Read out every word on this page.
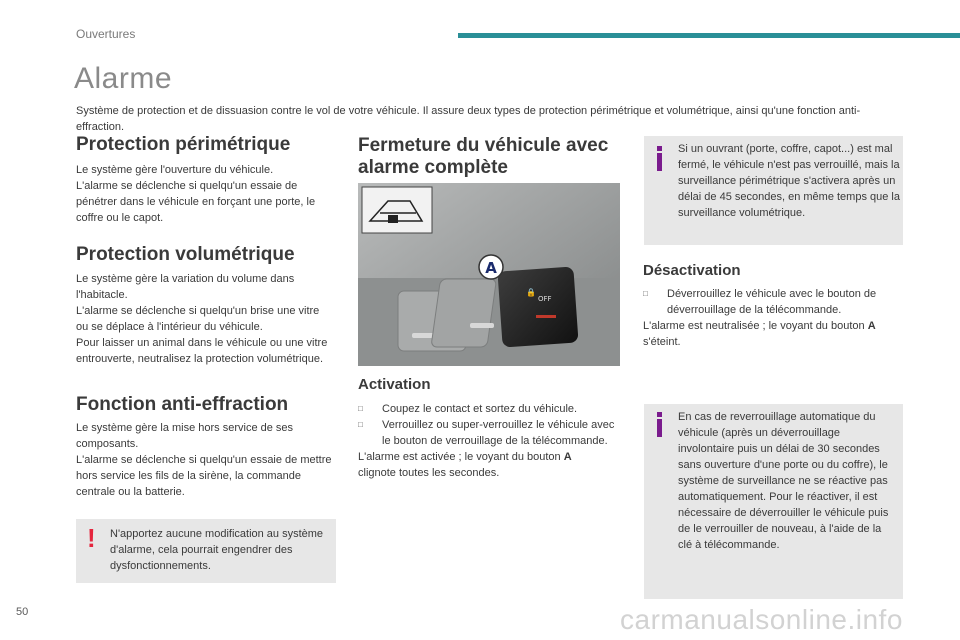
Ouvertures
Alarme
Système de protection et de dissuasion contre le vol de votre véhicule. Il assure deux types de protection périmétrique et volumétrique, ainsi qu'une fonction anti-effraction.
Protection périmétrique

Le système gère l'ouverture du véhicule.

L'alarme se déclenche si quelqu'un essaie de pénétrer dans le véhicule en forçant une porte, le coffre ou le capot.

Protection volumétrique

Le système gère la variation du volume dans l'habitacle.

L'alarme se déclenche si quelqu'un brise une vitre ou se déplace à l'intérieur du véhicule.

Pour laisser un animal dans le véhicule ou une vitre entrouverte, neutralisez la protection volumétrique.

Fonction anti-effraction

Le système gère la mise hors service de ses composants.

L'alarme se déclenche si quelqu'un essaie de mettre hors service les fils de la sirène, la commande centrale ou la batterie.

! N'apportez aucune modification au système d'alarme, cela pourrait engendrer des dysfonctionnements.
Fermeture du véhicule avec alarme complète
🔒
OFF
A
Activation
□ Coupez le contact et sortez du véhicule.
□ Verrouillez ou super-verrouillez le véhicule avec le bouton de verrouillage de la télécommande.

L'alarme est activée ; le voyant du bouton A
clignote toutes les secondes.

Si un ouvrant (porte, coffre, capot...) est mal fermé, le véhicule n'est pas verrouillé, mais la surveillance périmétrique s'activera après un délai de 45 secondes, en même temps que la surveillance volumétrique.
Désactivation
□ Déverrouillez le véhicule avec le bouton de déverrouillage de la télécommande.

L'alarme est neutralisée ; le voyant du bouton A
s'éteint.

En cas de reverrouillage automatique du véhicule (après un déverrouillage involontaire puis un délai de 30 secondes sans ouverture d'une porte ou du coffre), le système de surveillance ne se réactive pas automatiquement. Pour le réactiver, il est nécessaire de déverrouiller le véhicule puis de le verrouiller de nouveau, à l'aide de la clé à télécommande.
50	carmanualsonline.info
